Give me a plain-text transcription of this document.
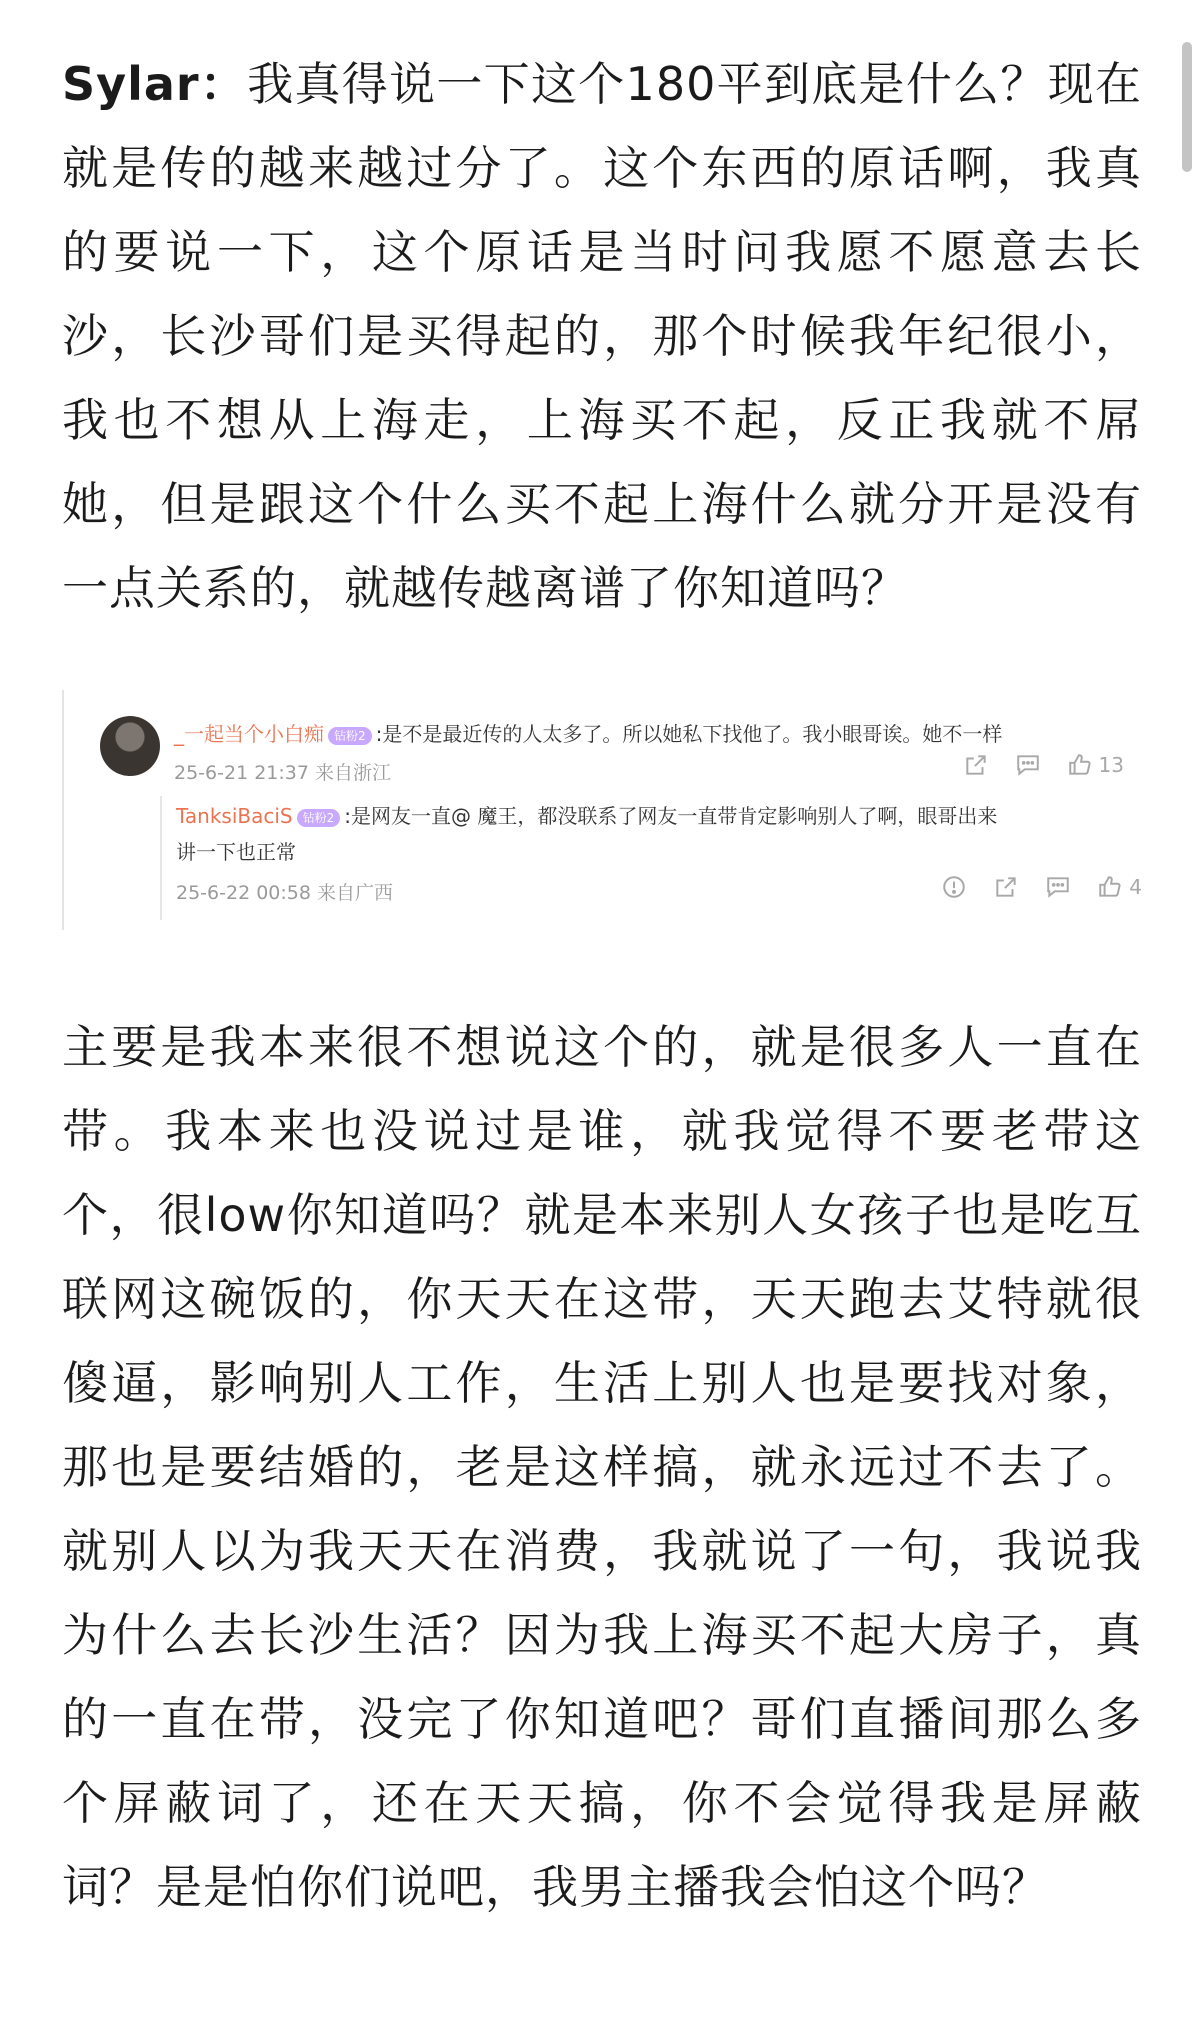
Sylar：我真得说一下这个180平到底是什么？现在就是传的越来越过分了。这个东西的原话啊，我真的要说一下，这个原话是当时问我愿不愿意去长沙，长沙哥们是买得起的，那个时候我年纪很小，我也不想从上海走，上海买不起，反正我就不屌她，但是跟这个什么买不起上海什么就分开是没有一点关系的，就越传越离谱了你知道吗？

_一起当个小白痴 钻粉2 :是不是最近传的人太多了。所以她私下找他了。我小眼哥诶。她不一样
25-6-21 21:37 来自浙江	13
TanksiBaciS 钻粉2 :是网友一直@ 魔王，都没联系了网友一直带肯定影响别人了啊，眼哥出来
讲一下也正常
25-6-22 00:58 来自广西	4

主要是我本来很不想说这个的，就是很多人一直在带。我本来也没说过是谁，就我觉得不要老带这个，很low你知道吗？就是本来别人女孩子也是吃互联网这碗饭的，你天天在这带，天天跑去艾特就很傻逼，影响别人工作，生活上别人也是要找对象，那也是要结婚的，老是这样搞，就永远过不去了。就别人以为我天天在消费，我就说了一句，我说我为什么去长沙生活？因为我上海买不起大房子，真的一直在带，没完了你知道吧？哥们直播间那么多个屏蔽词了，还在天天搞，你不会觉得我是屏蔽词？是是怕你们说吧，我男主播我会怕这个吗？
